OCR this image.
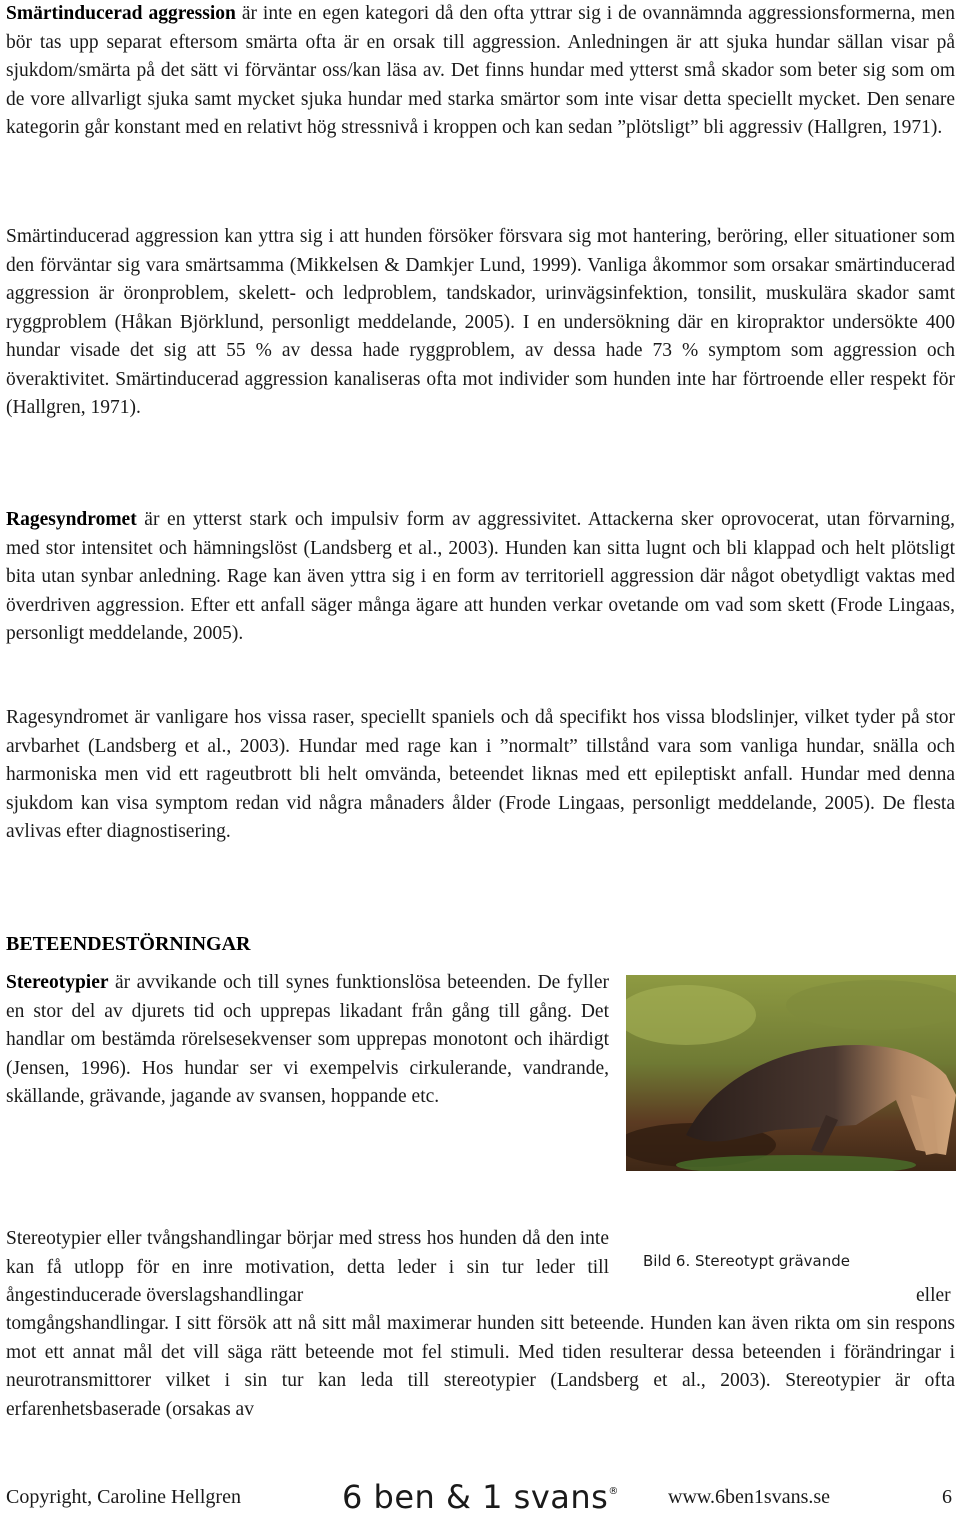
Smärtinducerad aggression är inte en egen kategori då den ofta yttrar sig i de ovannämnda aggressionsformerna, men bör tas upp separat eftersom smärta ofta är en orsak till aggression. Anledningen är att sjuka hundar sällan visar på sjukdom/smärta på det sätt vi förväntar oss/kan läsa av. Det finns hundar med ytterst små skador som beter sig som om de vore allvarligt sjuka samt mycket sjuka hundar med starka smärtor som inte visar detta speciellt mycket. Den senare kategorin går konstant med en relativt hög stressnivå i kroppen och kan sedan ”plötsligt” bli aggressiv (Hallgren, 1971).

Smärtinducerad aggression kan yttra sig i att hunden försöker försvara sig mot hantering, beröring, eller situationer som den förväntar sig vara smärtsamma (Mikkelsen & Damkjer Lund, 1999). Vanliga åkommor som orsakar smärtinducerad aggression är öronproblem, skelett- och ledproblem, tandskador, urinvägsinfektion, tonsilit, muskulära skador samt ryggproblem (Håkan Björklund, personligt meddelande, 2005). I en undersökning där en kiropraktor undersökte 400 hundar visade det sig att 55 % av dessa hade ryggproblem, av dessa hade 73 % symptom som aggression och överaktivitet. Smärtinducerad aggression kanaliseras ofta mot individer som hunden inte har förtroende eller respekt för (Hallgren, 1971).

Ragesyndromet är en ytterst stark och impulsiv form av aggressivitet. Attackerna sker oprovocerat, utan förvarning, med stor intensitet och hämningslöst (Landsberg et al., 2003). Hunden kan sitta lugnt och bli klappad och helt plötsligt bita utan synbar anledning. Rage kan även yttra sig i en form av territoriell aggression där något obetydligt vaktas med överdriven aggression. Efter ett anfall säger många ägare att hunden verkar ovetande om vad som skett (Frode Lingaas, personligt meddelande, 2005).

Ragesyndromet är vanligare hos vissa raser, speciellt spaniels och då specifikt hos vissa blodslinjer, vilket tyder på stor arvbarhet (Landsberg et al., 2003). Hundar med rage kan i ”normalt” tillstånd vara som vanliga hundar, snälla och harmoniska men vid ett rageutbrott bli helt omvända, beteendet liknas med ett epileptiskt anfall. Hundar med denna sjukdom kan visa symptom redan vid några månaders ålder (Frode Lingaas, personligt meddelande, 2005). De flesta avlivas efter diagnostisering.

BETEENDESTÖRNINGAR

Stereotypier är avvikande och till synes funktionslösa beteenden. De fyller en stor del av djurets tid och upprepas likadant från gång till gång. Det handlar om bestämda rörelsesekvenser som upprepas monotont och ihärdigt (Jensen, 1996). Hos hundar ser vi exempelvis cirkulerande, vandrande, skällande, grävande, jagande av svansen, hoppande etc.

Stereotypier eller tvångshandlingar börjar med stress hos hunden då den inte kan få utlopp för en inre motivation, detta leder i sin tur leder till ångestinducerade överslagshandlingar	eller

Bild 6. Stereotypt grävande

tomgångshandlingar. I sitt försök att nå sitt mål maximerar hunden sitt beteende. Hunden kan även rikta om sin respons mot ett annat mål det vill säga rätt beteende mot fel stimuli. Med tiden resulterar dessa beteenden i förändringar i neurotransmittorer vilket i sin tur kan leda till stereotypier (Landsberg et al., 2003). Stereotypier är ofta erfarenhetsbaserade (orsakas av

Copyright, Caroline Hellgren	6 ben & 1 svans® www.6ben1svans.se	6
